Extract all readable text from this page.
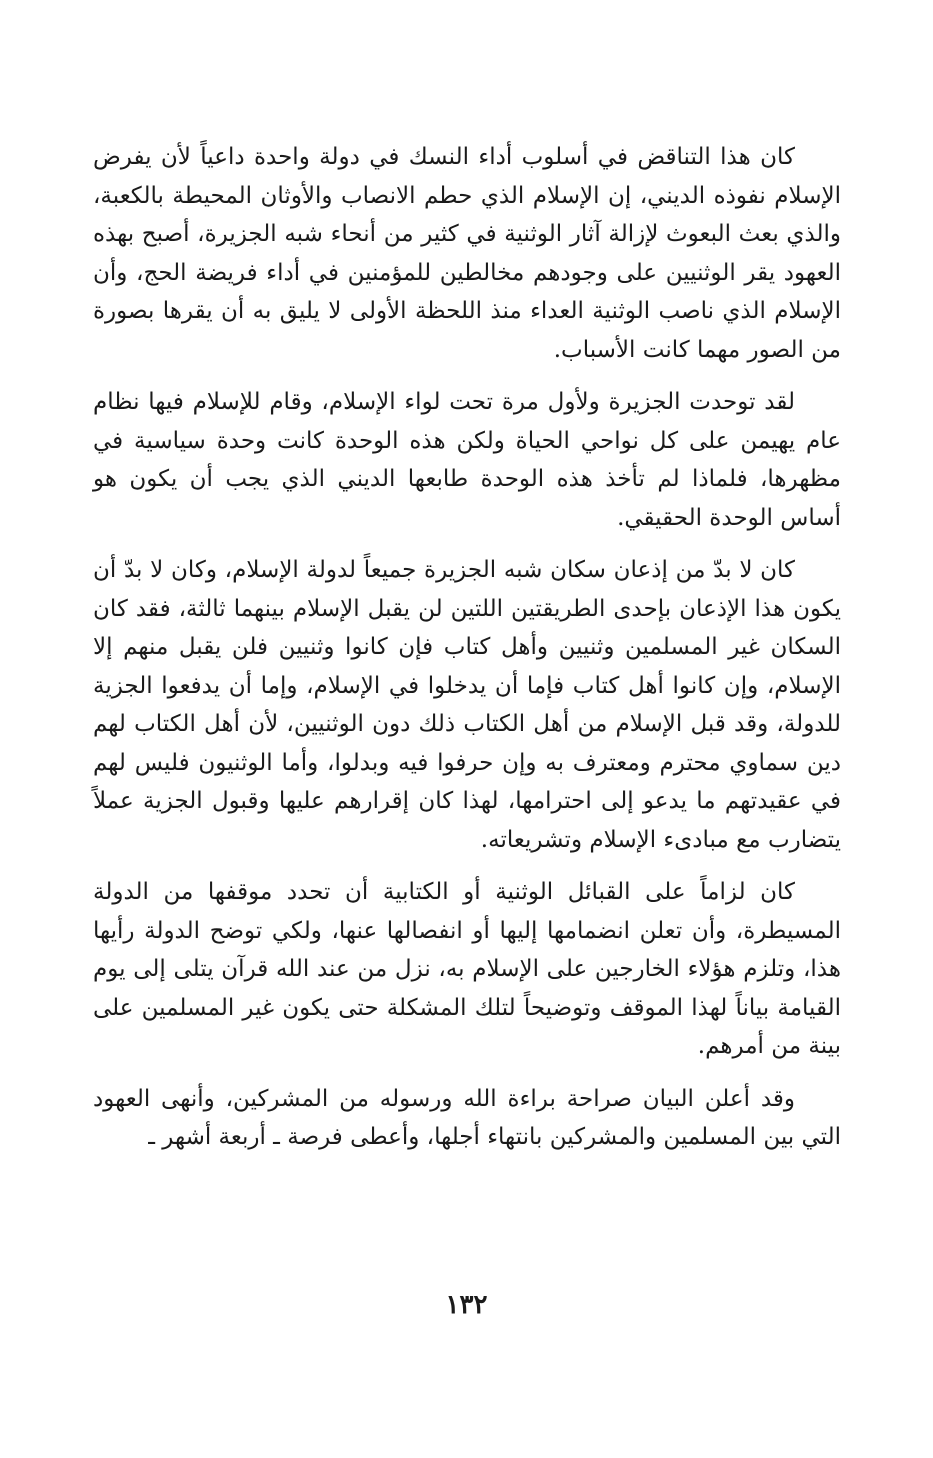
كان هذا التناقض في أسلوب أداء النسك في دولة واحدة داعياً لأن يفرض الإسلام نفوذه الديني، إن الإسلام الذي حطم الانصاب والأوثان المحيطة بالكعبة، والذي بعث البعوث لإزالة آثار الوثنية في كثير من أنحاء شبه الجزيرة، أصبح بهذه العهود يقر الوثنيين على وجودهم مخالطين للمؤمنين في أداء فريضة الحج، وأن الإسلام الذي ناصب الوثنية العداء منذ اللحظة الأولى لا يليق به أن يقرها بصورة من الصور مهما كانت الأسباب.

لقد توحدت الجزيرة ولأول مرة تحت لواء الإسلام، وقام للإسلام فيها نظام عام يهيمن على كل نواحي الحياة ولكن هذه الوحدة كانت وحدة سياسية في مظهرها، فلماذا لم تأخذ هذه الوحدة طابعها الديني الذي يجب أن يكون هو أساس الوحدة الحقيقي.

كان لا بدّ من إذعان سكان شبه الجزيرة جميعاً لدولة الإسلام، وكان لا بدّ أن يكون هذا الإذعان بإحدى الطريقتين اللتين لن يقبل الإسلام بينهما ثالثة، فقد كان السكان غير المسلمين وثنيين وأهل كتاب فإن كانوا وثنيين فلن يقبل منهم إلا الإسلام، وإن كانوا أهل كتاب فإما أن يدخلوا في الإسلام، وإما أن يدفعوا الجزية للدولة، وقد قبل الإسلام من أهل الكتاب ذلك دون الوثنيين، لأن أهل الكتاب لهم دين سماوي محترم ومعترف به وإن حرفوا فيه وبدلوا، وأما الوثنيون فليس لهم في عقيدتهم ما يدعو إلى احترامها، لهذا كان إقرارهم عليها وقبول الجزية عملاً يتضارب مع مبادىء الإسلام وتشريعاته.

كان لزاماً على القبائل الوثنية أو الكتابية أن تحدد موقفها من الدولة المسيطرة، وأن تعلن انضمامها إليها أو انفصالها عنها، ولكي توضح الدولة رأيها هذا، وتلزم هؤلاء الخارجين على الإسلام به، نزل من عند الله قرآن يتلى إلى يوم القيامة بياناً لهذا الموقف وتوضيحاً لتلك المشكلة حتى يكون غير المسلمين على بينة من أمرهم.

وقد أعلن البيان صراحة براءة الله ورسوله من المشركين، وأنهى العهود التي بين المسلمين والمشركين بانتهاء أجلها، وأعطى فرصة ـ أربعة أشهر ـ

١٣٢
